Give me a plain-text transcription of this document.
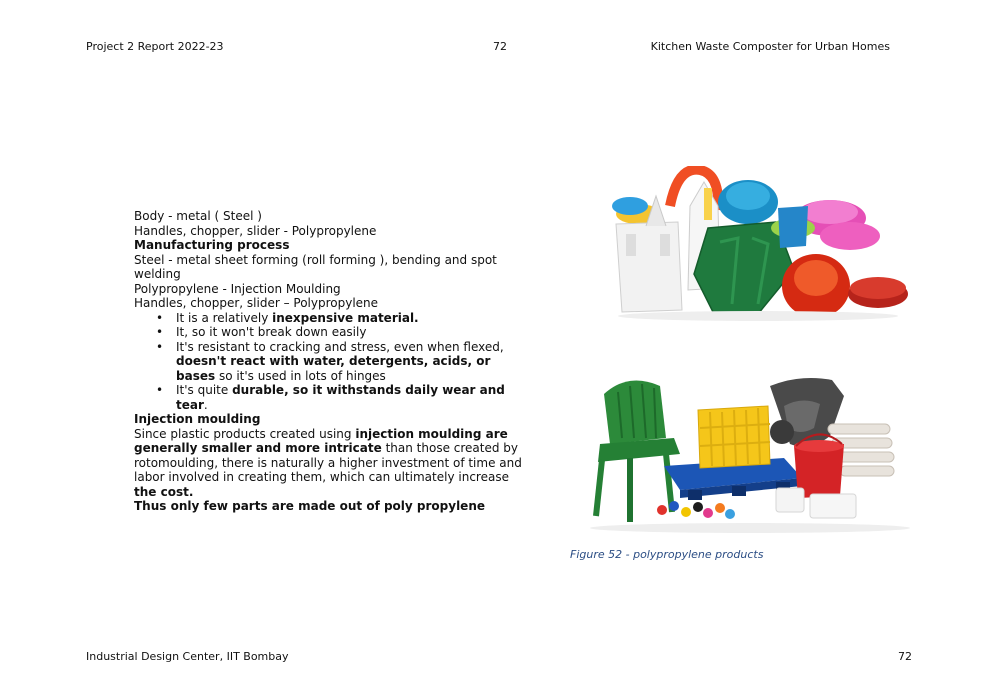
Project 2 Report 2022-23	72	Kitchen Waste Composter for Urban Homes

Body - metal ( Steel )

Handles, chopper, slider - Polypropylene

Manufacturing process

Steel - metal sheet forming (roll forming ), bending and spot welding

Polypropylene - Injection Moulding

Handles, chopper, slider – Polypropylene

• It is a relatively inexpensive material.
• It, so it won't break down easily
• It's resistant to cracking and stress, even when flexed, doesn't react with water, detergents, acids, or bases so it's used in lots of hinges
• It's quite durable, so it withstands daily wear and tear.

Injection moulding

Since plastic products created using injection moulding are generally smaller and more intricate than those created by rotomoulding, there is naturally a higher investment of time and labor involved in creating them, which can ultimately increase the cost.

Thus only few parts are made out of poly propylene

Figure 52 - polypropylene products
Industrial Design Center, IIT Bombay	72
